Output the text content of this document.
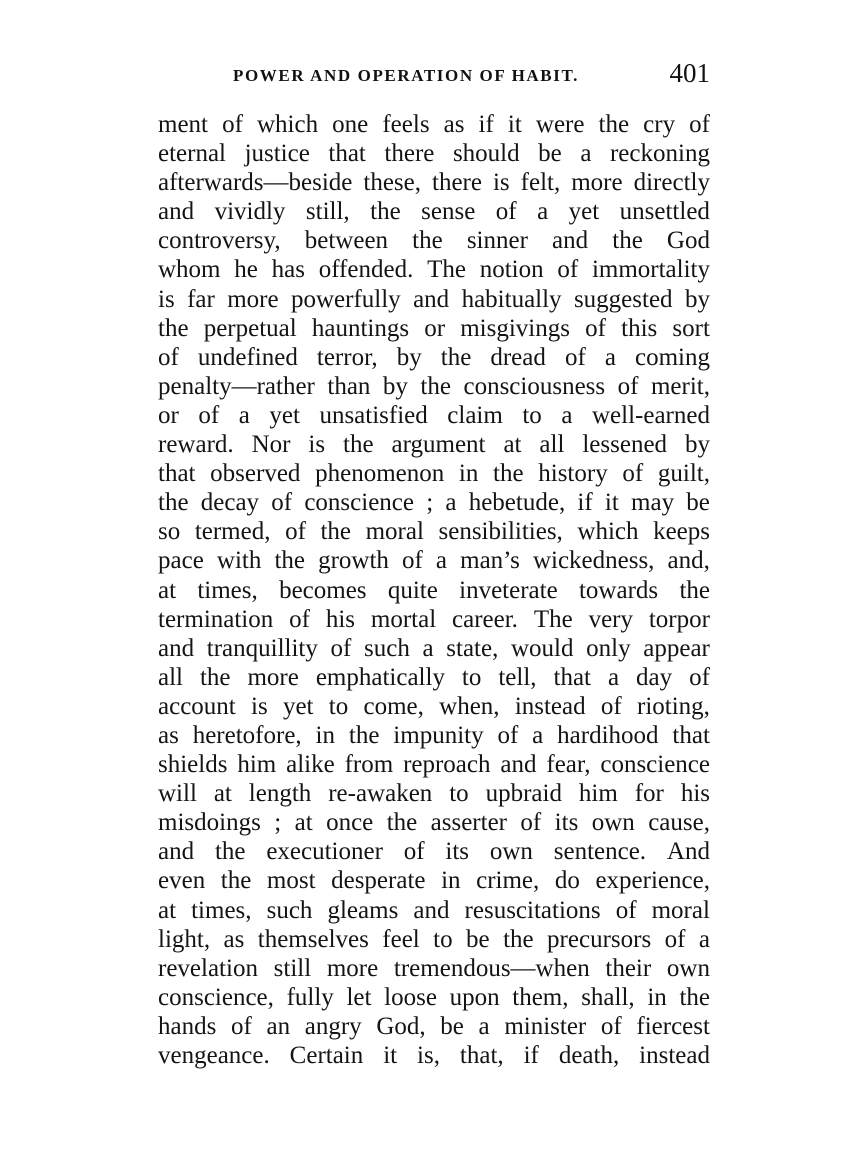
POWER AND OPERATION OF HABIT.	401
ment of which one feels as if it were the cry of
eternal justice that there should be a reckoning
afterwards—beside these, there is felt, more directly
and vividly still, the sense of a yet unsettled
controversy, between the sinner and the God
whom he has offended. The notion of immortality
is far more powerfully and habitually suggested by
the perpetual hauntings or misgivings of this sort
of undefined terror, by the dread of a coming
penalty—rather than by the consciousness of merit,
or of a yet unsatisfied claim to a well-earned
reward. Nor is the argument at all lessened by
that observed phenomenon in the history of guilt,
the decay of conscience ; a hebetude, if it may be
so termed, of the moral sensibilities, which keeps
pace with the growth of a man’s wickedness, and,
at times, becomes quite inveterate towards the
termination of his mortal career. The very torpor
and tranquillity of such a state, would only appear
all the more emphatically to tell, that a day of
account is yet to come, when, instead of rioting,
as heretofore, in the impunity of a hardihood that
shields him alike from reproach and fear, conscience
will at length re-awaken to upbraid him for his
misdoings ; at once the asserter of its own cause,
and the executioner of its own sentence. And
even the most desperate in crime, do experience,
at times, such gleams and resuscitations of moral
light, as themselves feel to be the precursors of a
revelation still more tremendous—when their own
conscience, fully let loose upon them, shall, in the
hands of an angry God, be a minister of fiercest
vengeance. Certain it is, that, if death, instead
